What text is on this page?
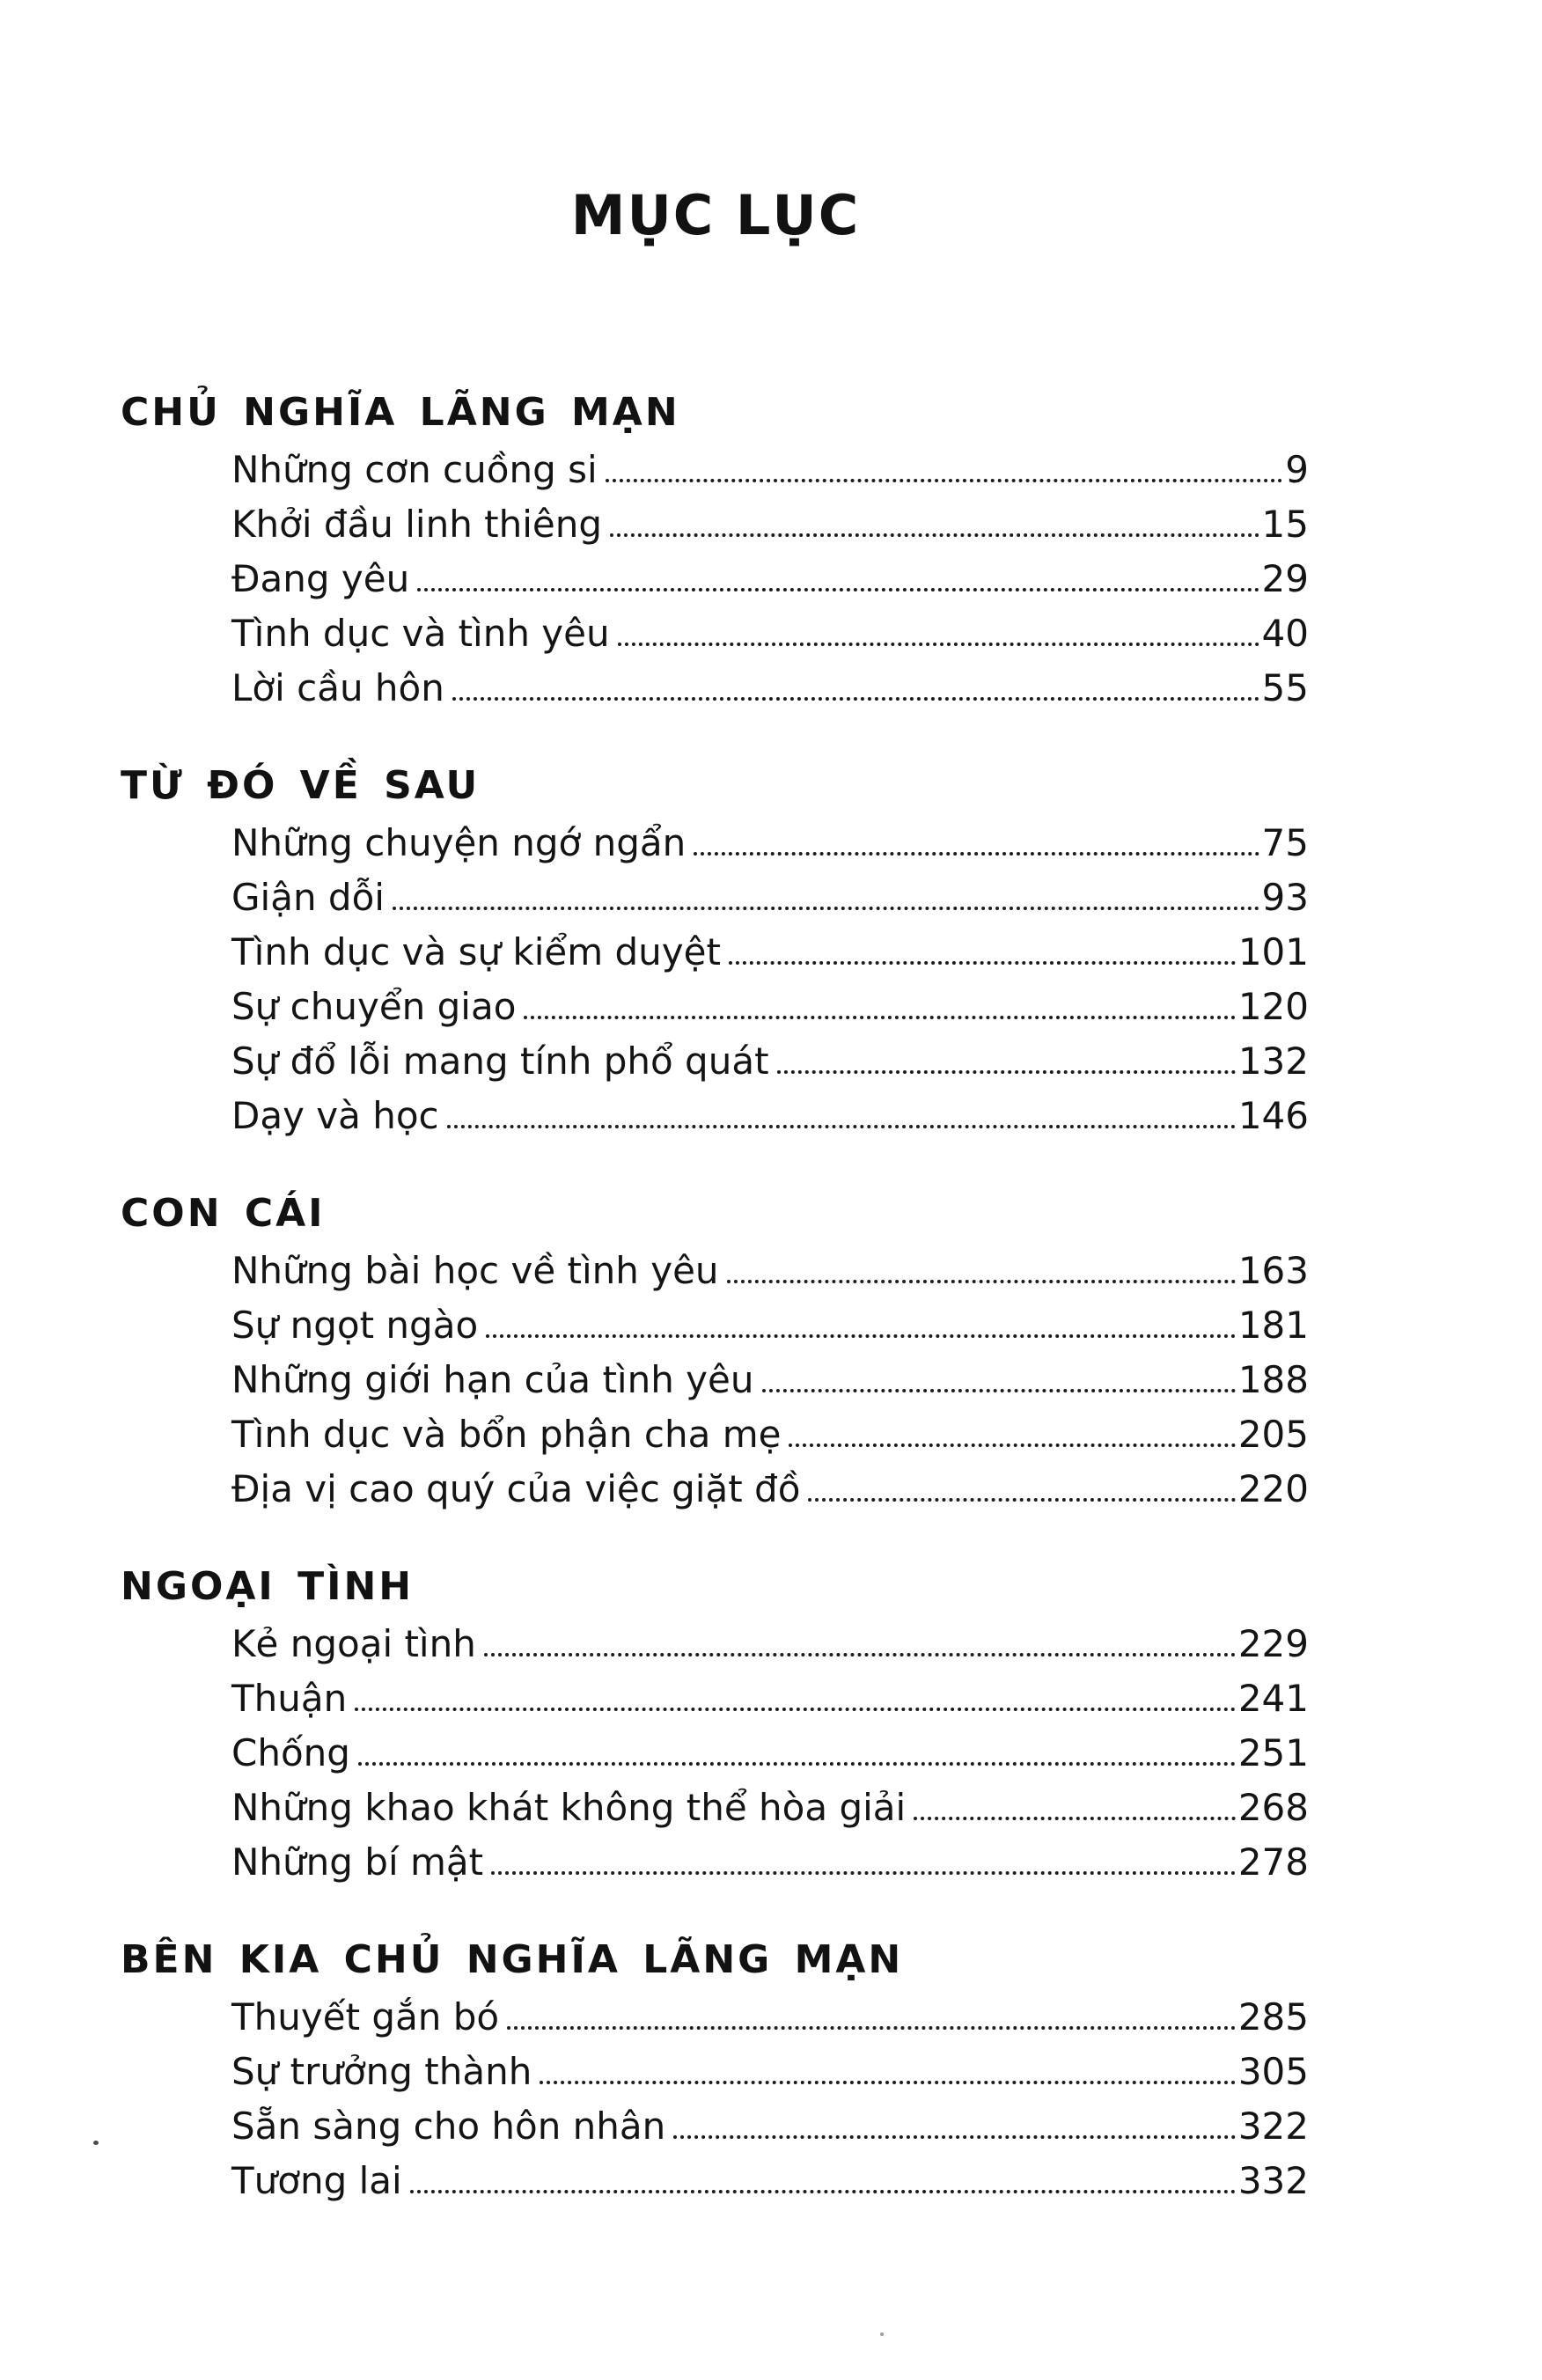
MỤC LỤC
CHỦ NGHĨA LÃNG MẠN
Những cơn cuồng si	9
Khởi đầu linh thiêng	15
Đang yêu	29
Tình dục và tình yêu	40
Lời cầu hôn	55
TỪ ĐÓ VỀ SAU
Những chuyện ngớ ngẩn	75
Giận dỗi	93
Tình dục và sự kiểm duyệt	101
Sự chuyển giao	120
Sự đổ lỗi mang tính phổ quát	132
Dạy và học	146
CON CÁI
Những bài học về tình yêu	163
Sự ngọt ngào	181
Những giới hạn của tình yêu	188
Tình dục và bổn phận cha mẹ	205
Địa vị cao quý của việc giặt đồ	220
NGOẠI TÌNH
Kẻ ngoại tình	229
Thuận	241
Chống	251
Những khao khát không thể hòa giải	268
Những bí mật	278
BÊN KIA CHỦ NGHĨA LÃNG MẠN
Thuyết gắn bó	285
Sự trưởng thành	305
Sẵn sàng cho hôn nhân	322
Tương lai	332
